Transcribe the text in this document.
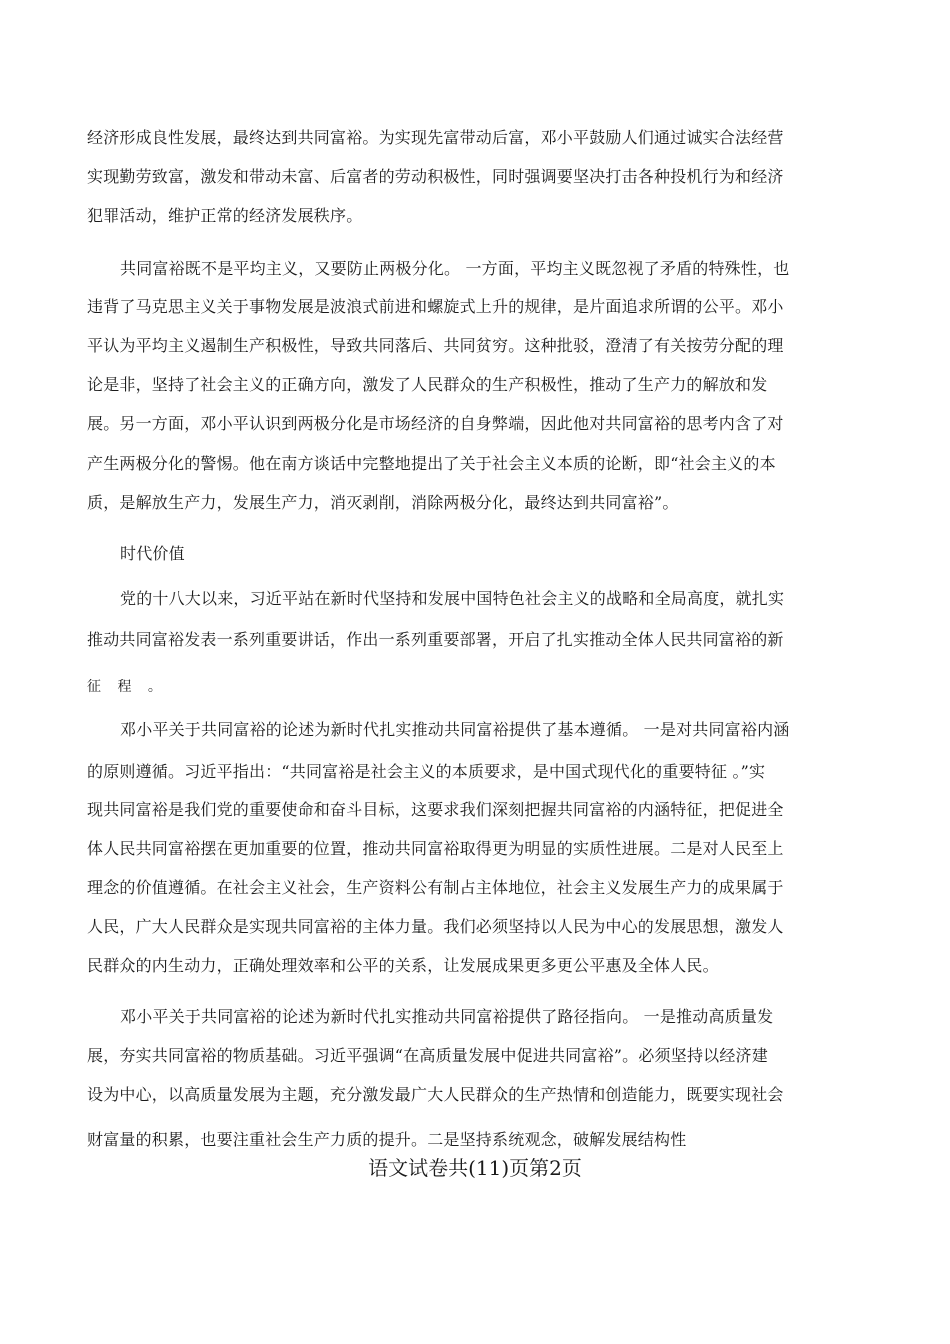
经济形成良性发展，最终达到共同富裕。为实现先富带动后富，邓小平鼓励人们通过诚实合法经营
实现勤劳致富，激发和带动未富、后富者的劳动积极性，同时强调要坚决打击各种投机行为和经济
犯罪活动，维护正常的经济发展秩序。
共同富裕既不是平均主义，又要防止两极分化。 一方面，平均主义既忽视了矛盾的特殊性，也
违背了马克思主义关于事物发展是波浪式前进和螺旋式上升的规律，是片面追求所谓的公平。邓小
平认为平均主义遏制生产积极性，导致共同落后、共同贫穷。这种批驳，澄清了有关按劳分配的理
论是非，坚持了社会主义的正确方向，激发了人民群众的生产积极性，推动了生产力的解放和发
展。另一方面，邓小平认识到两极分化是市场经济的自身弊端，因此他对共同富裕的思考内含了对
产生两极分化的警惕。他在南方谈话中完整地提出了关于社会主义本质的论断，即“社会主义的本
质，是解放生产力，发展生产力，消灭剥削，消除两极分化，最终达到共同富裕”。
时代价值
党的十八大以来，习近平站在新时代坚持和发展中国特色社会主义的战略和全局高度，就扎实
推动共同富裕发表一系列重要讲话，作出一系列重要部署，开启了扎实推动全体人民共同富裕的新
征 程 。
邓小平关于共同富裕的论述为新时代扎实推动共同富裕提供了基本遵循。 一是对共同富裕内涵
的原则遵循。习近平指出：“共同富裕是社会主义的本质要求，是中国式现代化的重要特征 。”实
现共同富裕是我们党的重要使命和奋斗目标，这要求我们深刻把握共同富裕的内涵特征，把促进全
体人民共同富裕摆在更加重要的位置，推动共同富裕取得更为明显的实质性进展。二是对人民至上
理念的价值遵循。在社会主义社会，生产资料公有制占主体地位，社会主义发展生产力的成果属于
人民，广大人民群众是实现共同富裕的主体力量。我们必须坚持以人民为中心的发展思想，激发人
民群众的内生动力，正确处理效率和公平的关系，让发展成果更多更公平惠及全体人民。
邓小平关于共同富裕的论述为新时代扎实推动共同富裕提供了路径指向。 一是推动高质量发
展，夯实共同富裕的物质基础。习近平强调“在高质量发展中促进共同富裕”。必须坚持以经济建
设为中心，以高质量发展为主题，充分激发最广大人民群众的生产热情和创造能力，既要实现社会
财富量的积累，也要注重社会生产力质的提升。二是坚持系统观念，破解发展结构性
语文试卷共(11)页第2页
